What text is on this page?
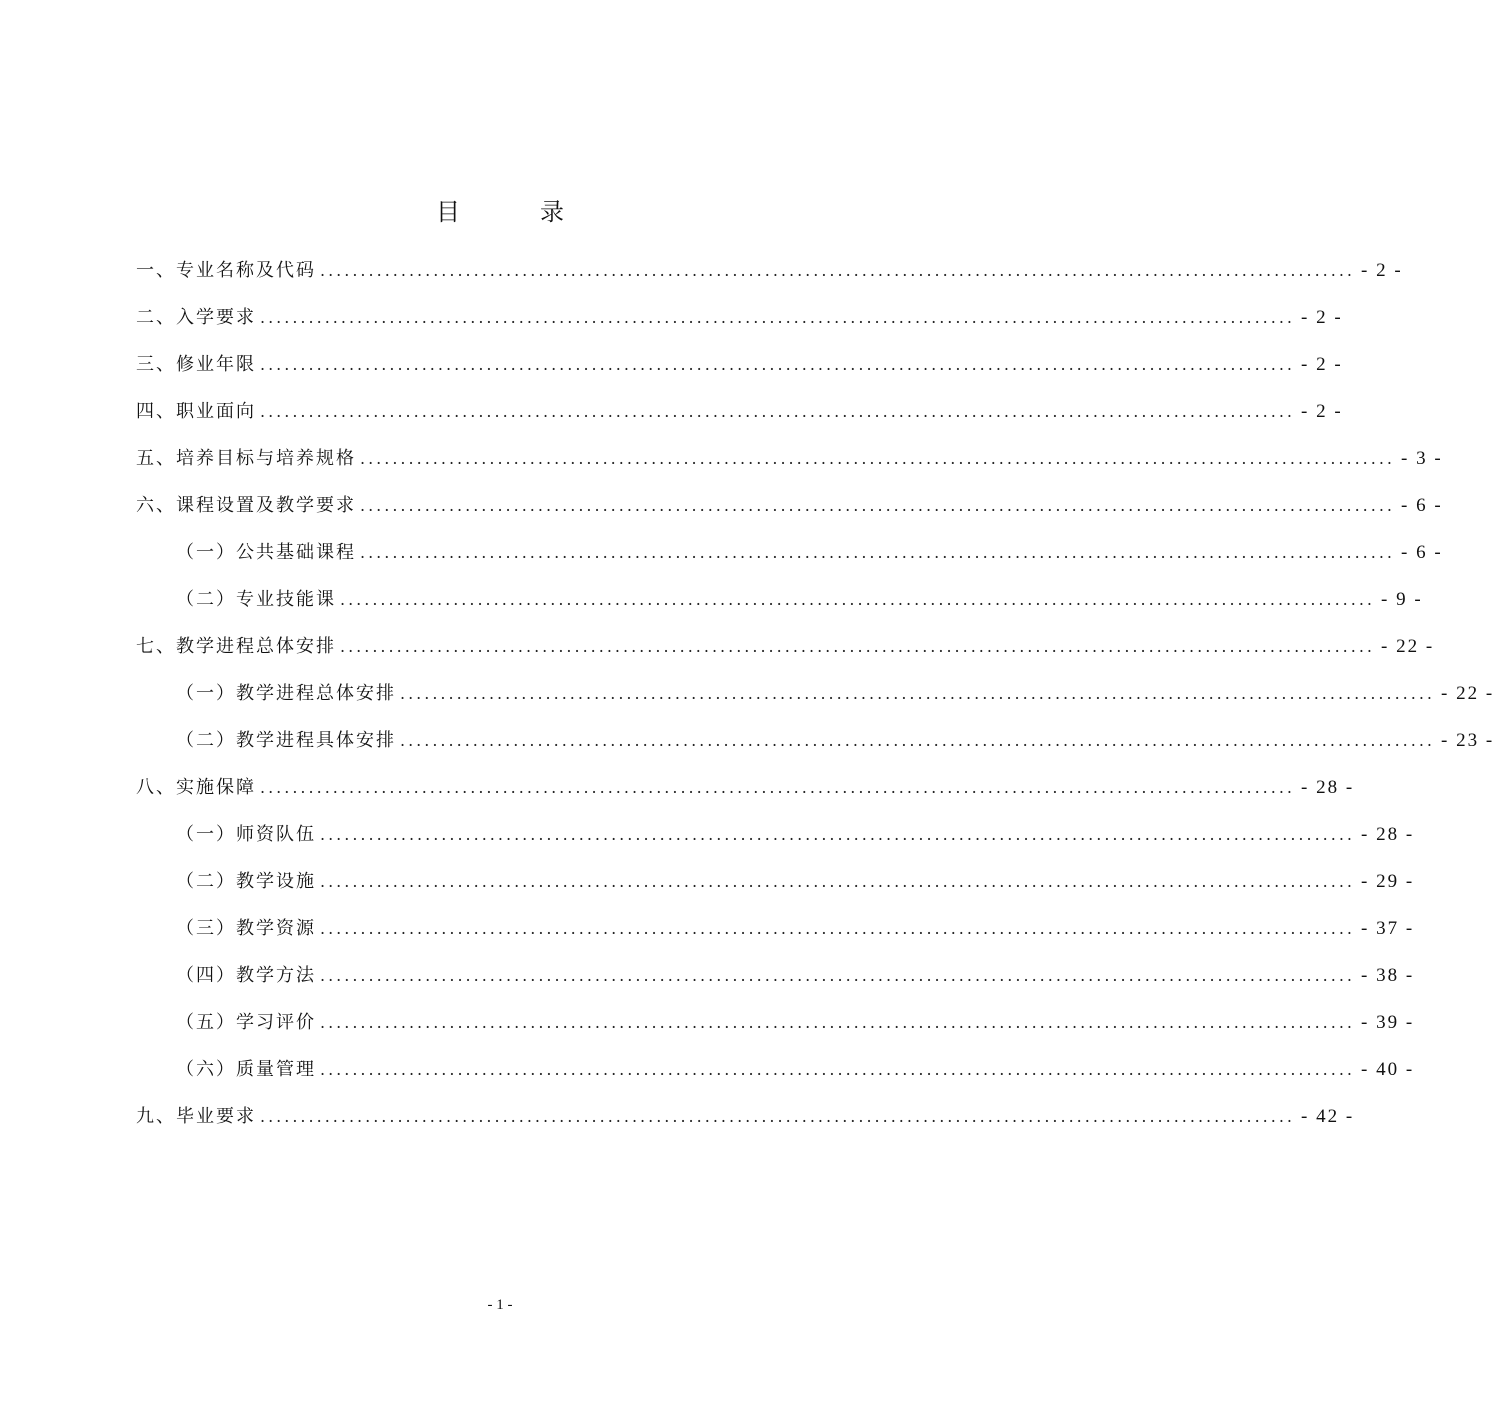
目　录
一、专业名称及代码 ................................................................................................................................ - 2 -
二、入学要求 ................................................................................................................................ - 2 -
三、修业年限 ................................................................................................................................ - 2 -
四、职业面向 ................................................................................................................................ - 2 -
五、培养目标与培养规格 ................................................................................................................................ - 3 -
六、课程设置及教学要求 ................................................................................................................................ - 6 -
（一）公共基础课程 ................................................................................................................................ - 6 -
（二）专业技能课 ................................................................................................................................ - 9 -
七、教学进程总体安排 ................................................................................................................................ - 22 -
（一）教学进程总体安排 ................................................................................................................................ - 22 -
（二）教学进程具体安排 ................................................................................................................................ - 23 -
八、实施保障 ................................................................................................................................ - 28 -
（一）师资队伍 ................................................................................................................................ - 28 -
（二）教学设施 ................................................................................................................................ - 29 -
（三）教学资源 ................................................................................................................................ - 37 -
（四）教学方法 ................................................................................................................................ - 38 -
（五）学习评价 ................................................................................................................................ - 39 -
（六）质量管理 ................................................................................................................................ - 40 -
九、毕业要求 ................................................................................................................................ - 42 -
- 1 -
